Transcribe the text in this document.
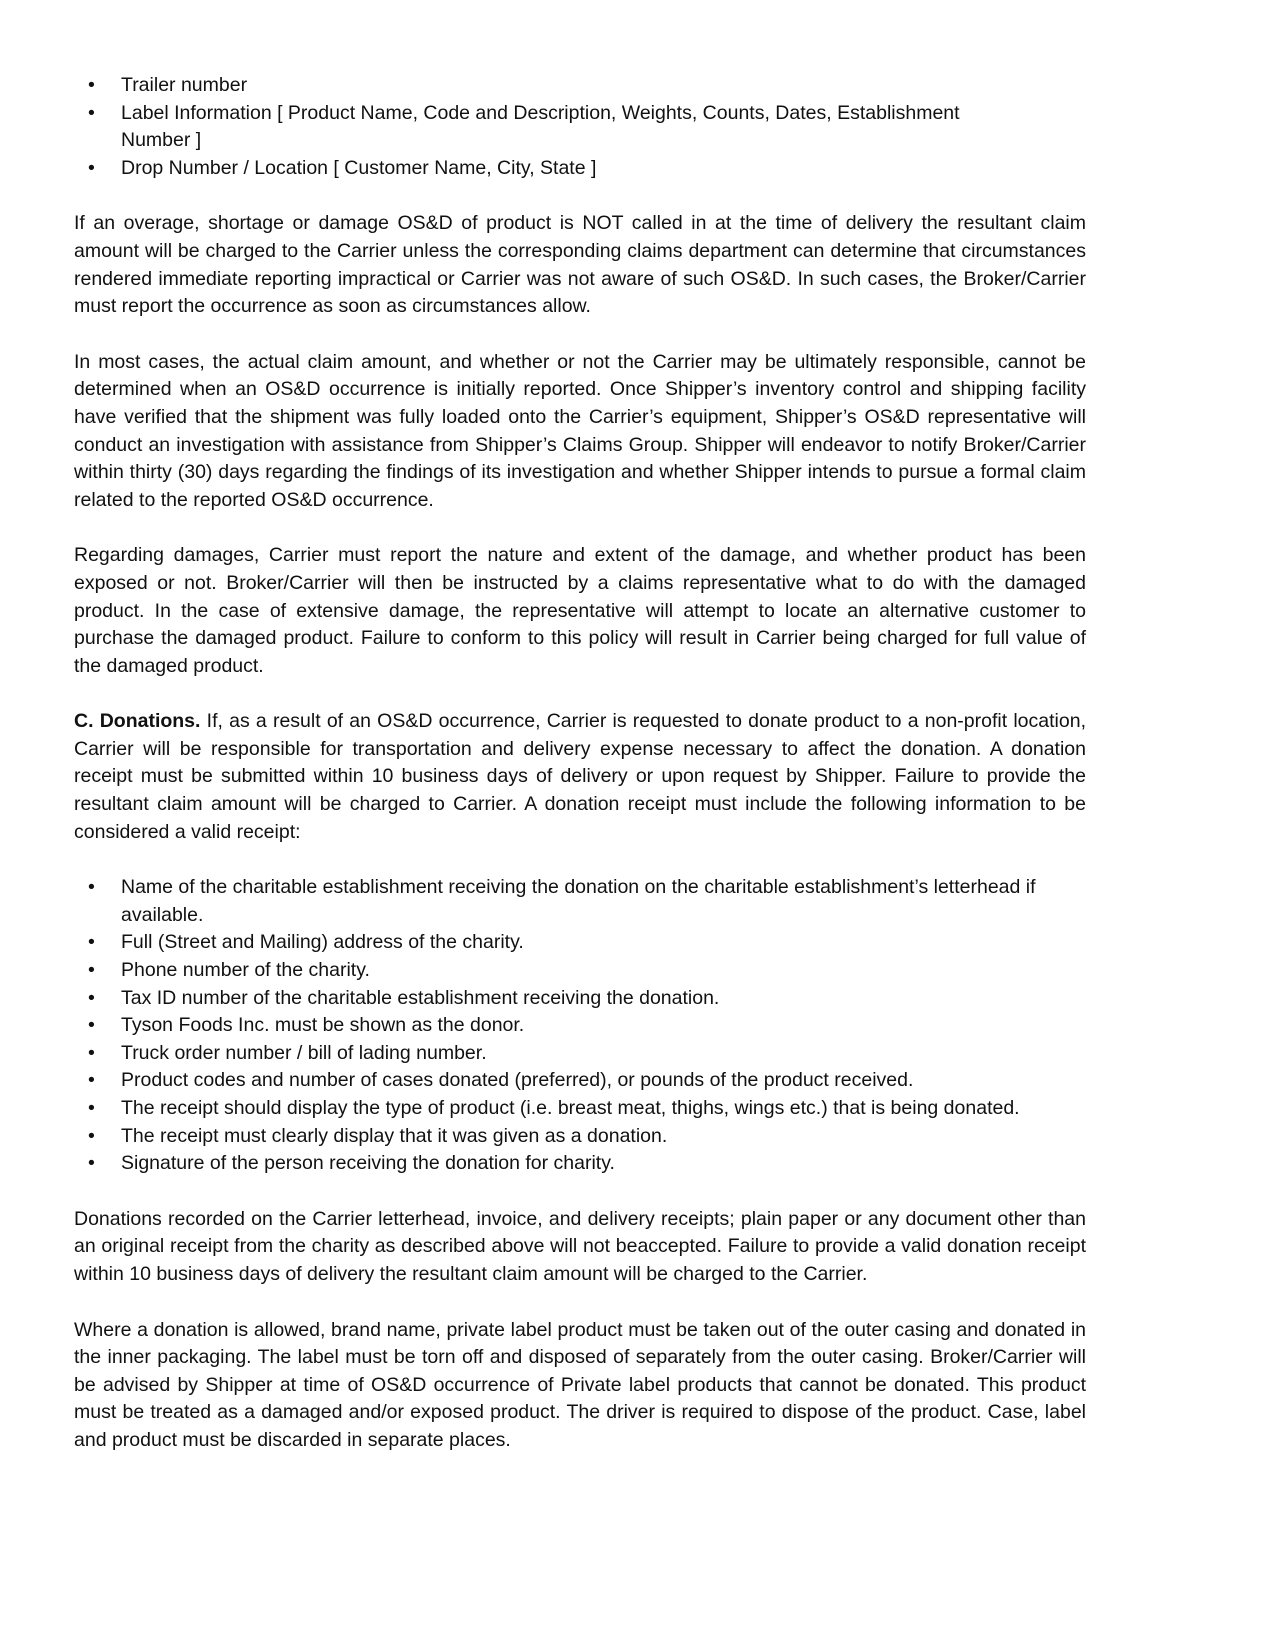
• Trailer number
• Label Information [ Product Name, Code and Description, Weights, Counts, Dates, Establishment Number ]
• Drop Number / Location [ Customer Name, City, State ]

If an overage, shortage or damage OS&D of product is NOT called in at the time of delivery the resultant claim amount will be charged to the Carrier unless the corresponding claims department can determine that circumstances rendered immediate reporting impractical or Carrier was not aware of such OS&D. In such cases, the Broker/Carrier must report the occurrence as soon as circumstances allow.

In most cases, the actual claim amount, and whether or not the Carrier may be ultimately responsible, cannot be determined when an OS&D occurrence is initially reported. Once Shipper’s inventory control and shipping facility have verified that the shipment was fully loaded onto the Carrier’s equipment, Shipper’s OS&D representative will conduct an investigation with assistance from Shipper’s Claims Group. Shipper will endeavor to notify Broker/Carrier within thirty (30) days regarding the findings of its investigation and whether Shipper intends to pursue a formal claim related to the reported OS&D occurrence.

Regarding damages, Carrier must report the nature and extent of the damage, and whether product has been exposed or not. Broker/Carrier will then be instructed by a claims representative what to do with the damaged product. In the case of extensive damage, the representative will attempt to locate an alternative customer to purchase the damaged product. Failure to conform to this policy will result in Carrier being charged for full value of the damaged product.

C. Donations. If, as a result of an OS&D occurrence, Carrier is requested to donate product to a non-profit location, Carrier will be responsible for transportation and delivery expense necessary to affect the donation. A donation receipt must be submitted within 10 business days of delivery or upon request by Shipper. Failure to provide the resultant claim amount will be charged to Carrier. A donation receipt must include the following information to be considered a valid receipt:

• Name of the charitable establishment receiving the donation on the charitable establishment’s letterhead if available.
• Full (Street and Mailing) address of the charity.
• Phone number of the charity.
• Tax ID number of the charitable establishment receiving the donation.
• Tyson Foods Inc. must be shown as the donor.
• Truck order number / bill of lading number.
• Product codes and number of cases donated (preferred), or pounds of the product received.
• The receipt should display the type of product (i.e. breast meat, thighs, wings etc.) that is being donated.
• The receipt must clearly display that it was given as a donation.
• Signature of the person receiving the donation for charity.

Donations recorded on the Carrier letterhead, invoice, and delivery receipts; plain paper or any document other than an original receipt from the charity as described above will not beaccepted. Failure to provide a valid donation receipt within 10 business days of delivery the resultant claim amount will be charged to the Carrier.

Where a donation is allowed, brand name, private label product must be taken out of the outer casing and donated in the inner packaging. The label must be torn off and disposed of separately from the outer casing. Broker/Carrier will be advised by Shipper at time of OS&D occurrence of Private label products that cannot be donated. This product must be treated as a damaged and/or exposed product. The driver is required to dispose of the product. Case, label and product must be discarded in separate places.
